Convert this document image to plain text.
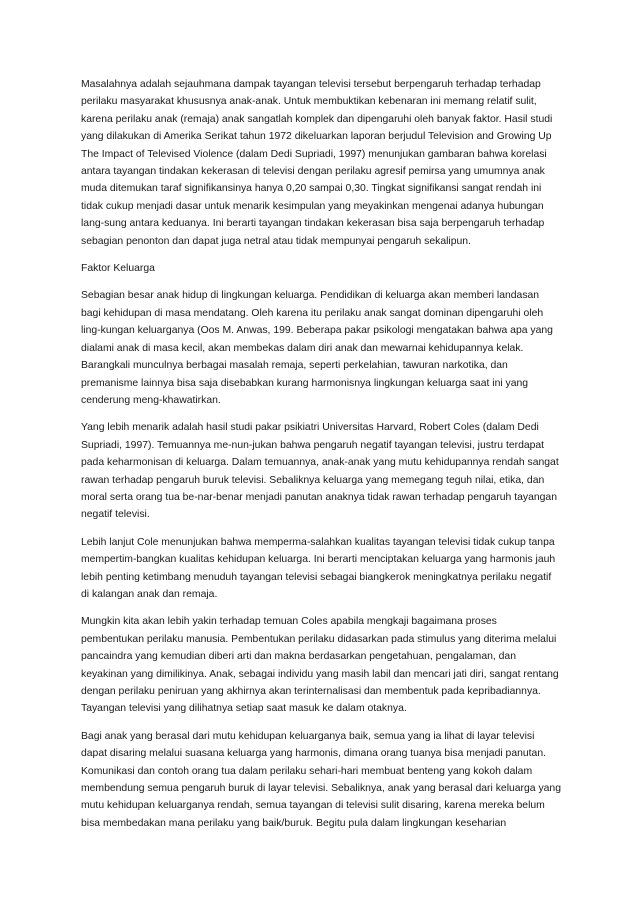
Masalahnya adalah sejauhmana dampak tayangan televisi tersebut berpengaruh terhadap terhadap perilaku masyarakat khususnya anak-anak. Untuk membuktikan kebenaran ini memang relatif sulit, karena perilaku anak (remaja) anak sangatlah komplek dan dipengaruhi oleh banyak faktor. Hasil studi yang dilakukan di Amerika Serikat tahun 1972 dikeluarkan laporan berjudul Television and Growing Up The Impact of Televised Violence (dalam Dedi Supriadi, 1997) menunjukan gambaran bahwa korelasi antara tayangan tindakan kekerasan di televisi dengan perilaku agresif pemirsa yang umumnya anak muda ditemukan taraf signifikansinya hanya 0,20 sampai 0,30. Tingkat signifikansi sangat rendah ini tidak cukup menjadi dasar untuk menarik kesimpulan yang meyakinkan mengenai adanya hubungan lang-sung antara keduanya. Ini berarti tayangan tindakan kekerasan bisa saja berpengaruh terhadap sebagian penonton dan dapat juga netral atau tidak mempunyai pengaruh sekalipun.

Faktor Keluarga

Sebagian besar anak hidup di lingkungan keluarga. Pendidikan di keluarga akan memberi landasan bagi kehidupan di masa mendatang. Oleh karena itu perilaku anak sangat dominan dipengaruhi oleh ling-kungan keluarganya (Oos M. Anwas, 199. Beberapa pakar psikologi mengatakan bahwa apa yang dialami anak di masa kecil, akan membekas dalam diri anak dan mewarnai kehidupannya kelak. Barangkali munculnya berbagai masalah remaja, seperti perkelahian, tawuran narkotika, dan premanisme lainnya bisa saja disebabkan kurang harmonisnya lingkungan keluarga saat ini yang cenderung meng-khawatirkan.

Yang lebih menarik adalah hasil studi pakar psikiatri Universitas Harvard, Robert Coles (dalam Dedi Supriadi, 1997). Temuannya me-nun-jukan bahwa pengaruh negatif tayangan televisi, justru terdapat pada keharmonisan di keluarga. Dalam temuannya, anak-anak yang mutu kehidupannya rendah sangat rawan terhadap pengaruh buruk televisi. Sebaliknya keluarga yang memegang teguh nilai, etika, dan moral serta orang tua be-nar-benar menjadi panutan anaknya tidak rawan terhadap pengaruh tayangan negatif televisi.

Lebih lanjut Cole menunjukan bahwa memperma-salahkan kualitas tayangan televisi tidak cukup tanpa mempertim-bangkan kualitas kehidupan keluarga. Ini berarti menciptakan keluarga yang harmonis jauh lebih penting ketimbang menuduh tayangan televisi sebagai biangkerok meningkatnya perilaku negatif di kalangan anak dan remaja.

Mungkin kita akan lebih yakin terhadap temuan Coles apabila mengkaji bagaimana proses pembentukan perilaku manusia. Pembentukan perilaku didasarkan pada stimulus yang diterima melalui pancaindra yang kemudian diberi arti dan makna berdasarkan pengetahuan, pengalaman, dan keyakinan yang dimilikinya. Anak, sebagai individu yang masih labil dan mencari jati diri, sangat rentang dengan perilaku peniruan yang akhirnya akan terinternalisasi dan membentuk pada kepribadiannya. Tayangan televisi yang dilihatnya setiap saat masuk ke dalam otaknya.

Bagi anak yang berasal dari mutu kehidupan keluarganya baik, semua yang ia lihat di layar televisi dapat disaring melalui suasana keluarga yang harmonis, dimana orang tuanya bisa menjadi panutan. Komunikasi dan contoh orang tua dalam perilaku sehari-hari membuat benteng yang kokoh dalam membendung semua pengaruh buruk di layar televisi. Sebaliknya, anak yang berasal dari keluarga yang mutu kehidupan keluarganya rendah, semua tayangan di televisi sulit disaring, karena mereka belum bisa membedakan mana perilaku yang baik/buruk. Begitu pula dalam lingkungan keseharian
